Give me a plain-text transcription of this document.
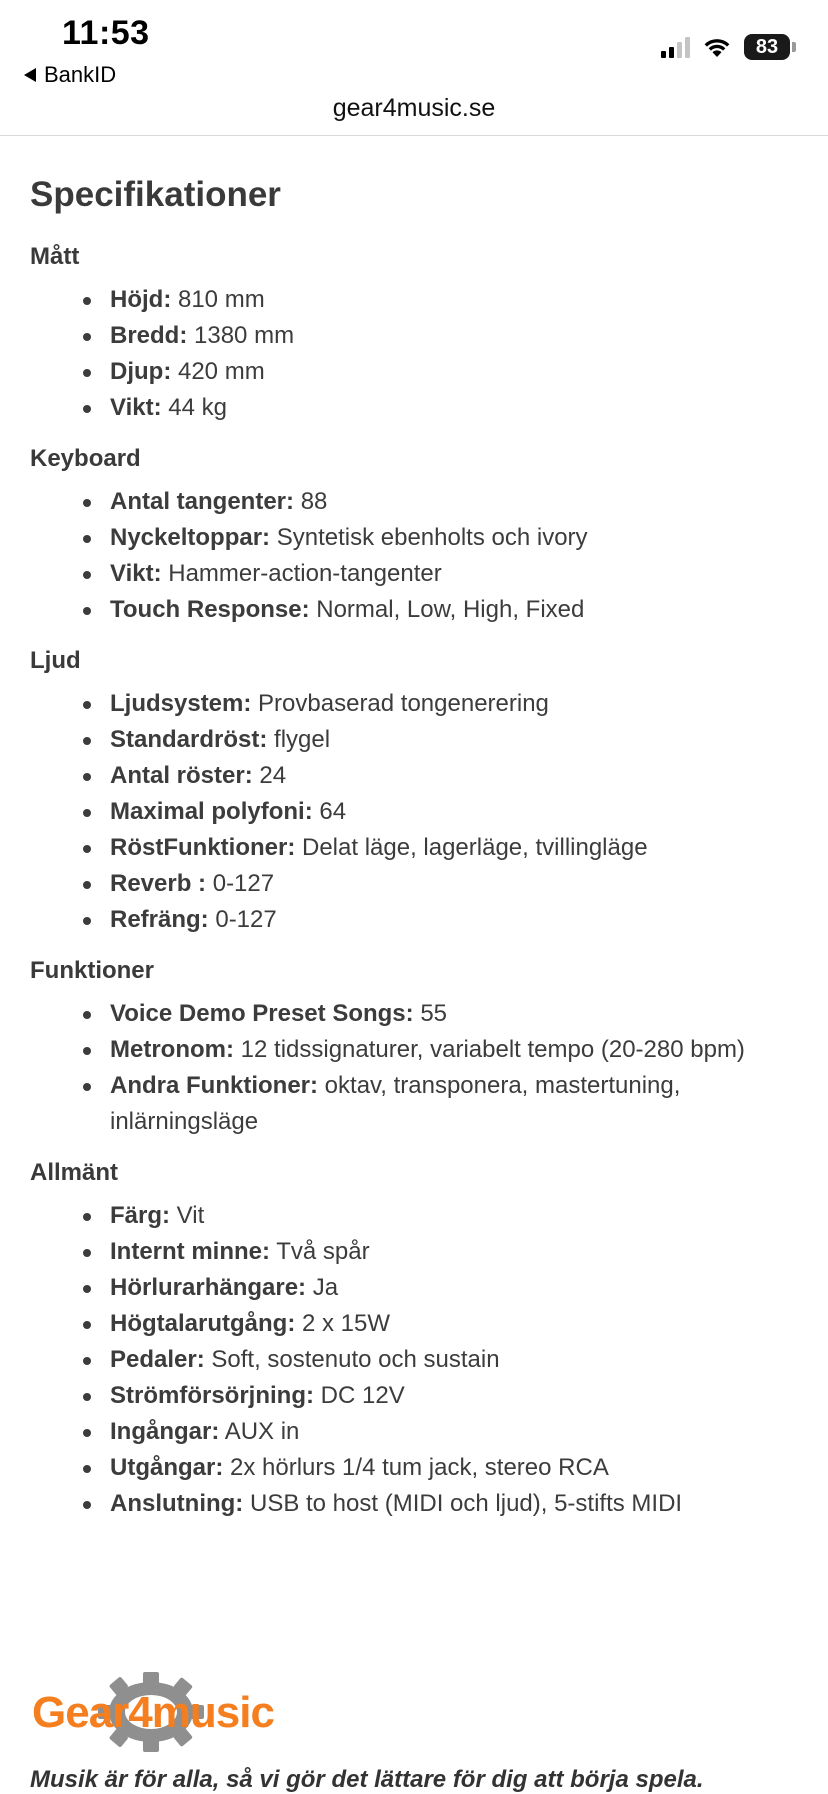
11:53
BankID
83
gear4music.se
Specifikationer
Mått
Höjd: 810 mm
Bredd: 1380 mm
Djup: 420 mm
Vikt: 44 kg
Keyboard
Antal tangenter: 88
Nyckeltoppar: Syntetisk ebenholts och ivory
Vikt: Hammer-action-tangenter
Touch Response: Normal, Low, High, Fixed
Ljud
Ljudsystem: Provbaserad tongenerering
Standardröst: flygel
Antal röster: 24
Maximal polyfoni: 64
RöstFunktioner: Delat läge, lagerläge, tvillingläge
Reverb : 0-127
Refräng: 0-127
Funktioner
Voice Demo Preset Songs: 55
Metronom: 12 tidssignaturer, variabelt tempo (20-280 bpm)
Andra Funktioner: oktav, transponera, mastertuning, inlärningsläge
Allmänt
Färg: Vit
Internt minne: Två spår
Hörlurarhängare: Ja
Högtalarutgång: 2 x 15W
Pedaler: Soft, sostenuto och sustain
Strömförsörjning: DC 12V
Ingångar: AUX in
Utgångar: 2x hörlurs 1/4 tum jack, stereo RCA
Anslutning: USB to host (MIDI och ljud), 5-stifts MIDI
Gear4music
Musik är för alla, så vi gör det lättare för dig att börja spela.
